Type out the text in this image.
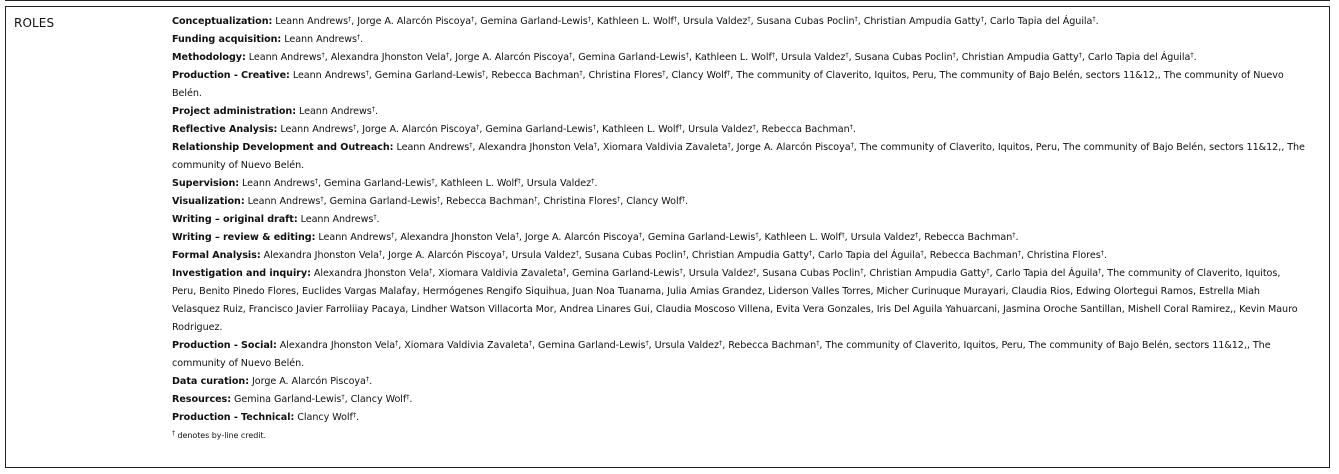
ROLES	Conceptualization: Leann Andrews†, Jorge A. Alarcón Piscoya†, Gemina Garland-Lewis†, Kathleen L. Wolf†, Ursula Valdez†, Susana Cubas Poclin†, Christian Ampudia Gatty†, Carlo Tapia del Águila†.

Funding acquisition: Leann Andrews†.

Methodology: Leann Andrews†, Alexandra Jhonston Vela†, Jorge A. Alarcón Piscoya†, Gemina Garland-Lewis†, Kathleen L. Wolf†, Ursula Valdez†, Susana Cubas Poclin†, Christian Ampudia Gatty†, Carlo Tapia del Águila†.

Production - Creative: Leann Andrews†, Gemina Garland-Lewis†, Rebecca Bachman†, Christina Flores†, Clancy Wolf†, The community of Claverito, Iquitos, Peru, The community of Bajo Belén, sectors 11&12,, The community of Nuevo Belén.

Project administration: Leann Andrews†.

Reflective Analysis: Leann Andrews†, Jorge A. Alarcón Piscoya†, Gemina Garland-Lewis†, Kathleen L. Wolf†, Ursula Valdez†, Rebecca Bachman†.

Relationship Development and Outreach: Leann Andrews†, Alexandra Jhonston Vela†, Xiomara Valdivia Zavaleta†, Jorge A. Alarcón Piscoya†, The community of Claverito, Iquitos, Peru, The community of Bajo Belén, sectors 11&12,, The community of Nuevo Belén.

Supervision: Leann Andrews†, Gemina Garland-Lewis†, Kathleen L. Wolf†, Ursula Valdez†.

Visualization: Leann Andrews†, Gemina Garland-Lewis†, Rebecca Bachman†, Christina Flores†, Clancy Wolf†.

Writing – original draft: Leann Andrews†.

Writing – review & editing: Leann Andrews†, Alexandra Jhonston Vela†, Jorge A. Alarcón Piscoya†, Gemina Garland-Lewis†, Kathleen L. Wolf†, Ursula Valdez†, Rebecca Bachman†.

Formal Analysis: Alexandra Jhonston Vela†, Jorge A. Alarcón Piscoya†, Ursula Valdez†, Susana Cubas Poclin†, Christian Ampudia Gatty†, Carlo Tapia del Águila†, Rebecca Bachman†, Christina Flores†.

Investigation and inquiry: Alexandra Jhonston Vela†, Xiomara Valdivia Zavaleta†, Gemina Garland-Lewis†, Ursula Valdez†, Susana Cubas Poclin†, Christian Ampudia Gatty†, Carlo Tapia del Águila†, The community of Claverito, Iquitos, Peru, Benito Pinedo Flores, Euclides Vargas Malafay, Hermógenes Rengifo Siquihua, Juan Noa Tuanama, Julia Amias Grandez, Liderson Valles Torres, Micher Curinuque Murayari, Claudia Rios, Edwing Olortegui Ramos, Estrella Miah Velasquez Ruiz, Francisco Javier Farroliiay Pacaya, Lindher Watson Villacorta Mor, Andrea Linares Gui, Claudia Moscoso Villena, Evita Vera Gonzales, Iris Del Aguila Yahuarcani, Jasmina Oroche Santillan, Mishell Coral Ramirez,, Kevin Mauro Rodriguez.

Production - Social: Alexandra Jhonston Vela†, Xiomara Valdivia Zavaleta†, Gemina Garland-Lewis†, Ursula Valdez†, Rebecca Bachman†, The community of Claverito, Iquitos, Peru, The community of Bajo Belén, sectors 11&12,, The community of Nuevo Belén.

Data curation: Jorge A. Alarcón Piscoya†.

Resources: Gemina Garland-Lewis†, Clancy Wolf†.

Production - Technical: Clancy Wolf†.

† denotes by-line credit.
